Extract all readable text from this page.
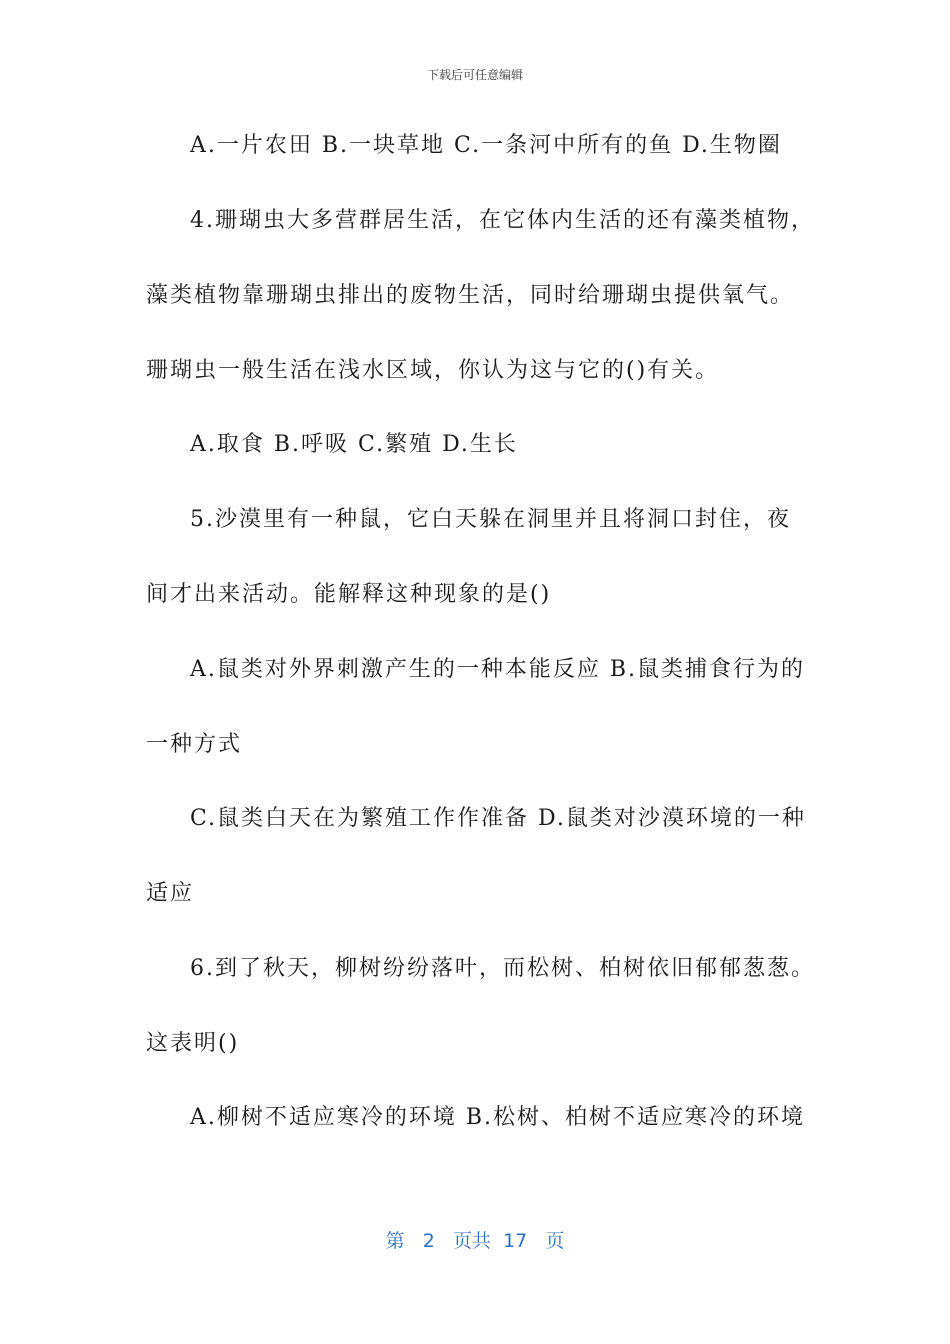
下载后可任意编辑
A.一片农田 B.一块草地 C.一条河中所有的鱼 D.生物圈
4.珊瑚虫大多营群居生活，在它体内生活的还有藻类植物，
藻类植物靠珊瑚虫排出的废物生活，同时给珊瑚虫提供氧气。
珊瑚虫一般生活在浅水区域，你认为这与它的()有关。
A.取食 B.呼吸 C.繁殖 D.生长
5.沙漠里有一种鼠，它白天躲在洞里并且将洞口封住，夜
间才出来活动。能解释这种现象的是()
A.鼠类对外界刺激产生的一种本能反应 B.鼠类捕食行为的
一种方式
C.鼠类白天在为繁殖工作作准备 D.鼠类对沙漠环境的一种
适应
6.到了秋天，柳树纷纷落叶，而松树、柏树依旧郁郁葱葱。
这表明()
A.柳树不适应寒冷的环境 B.松树、柏树不适应寒冷的环境
第 2 页共 17 页
